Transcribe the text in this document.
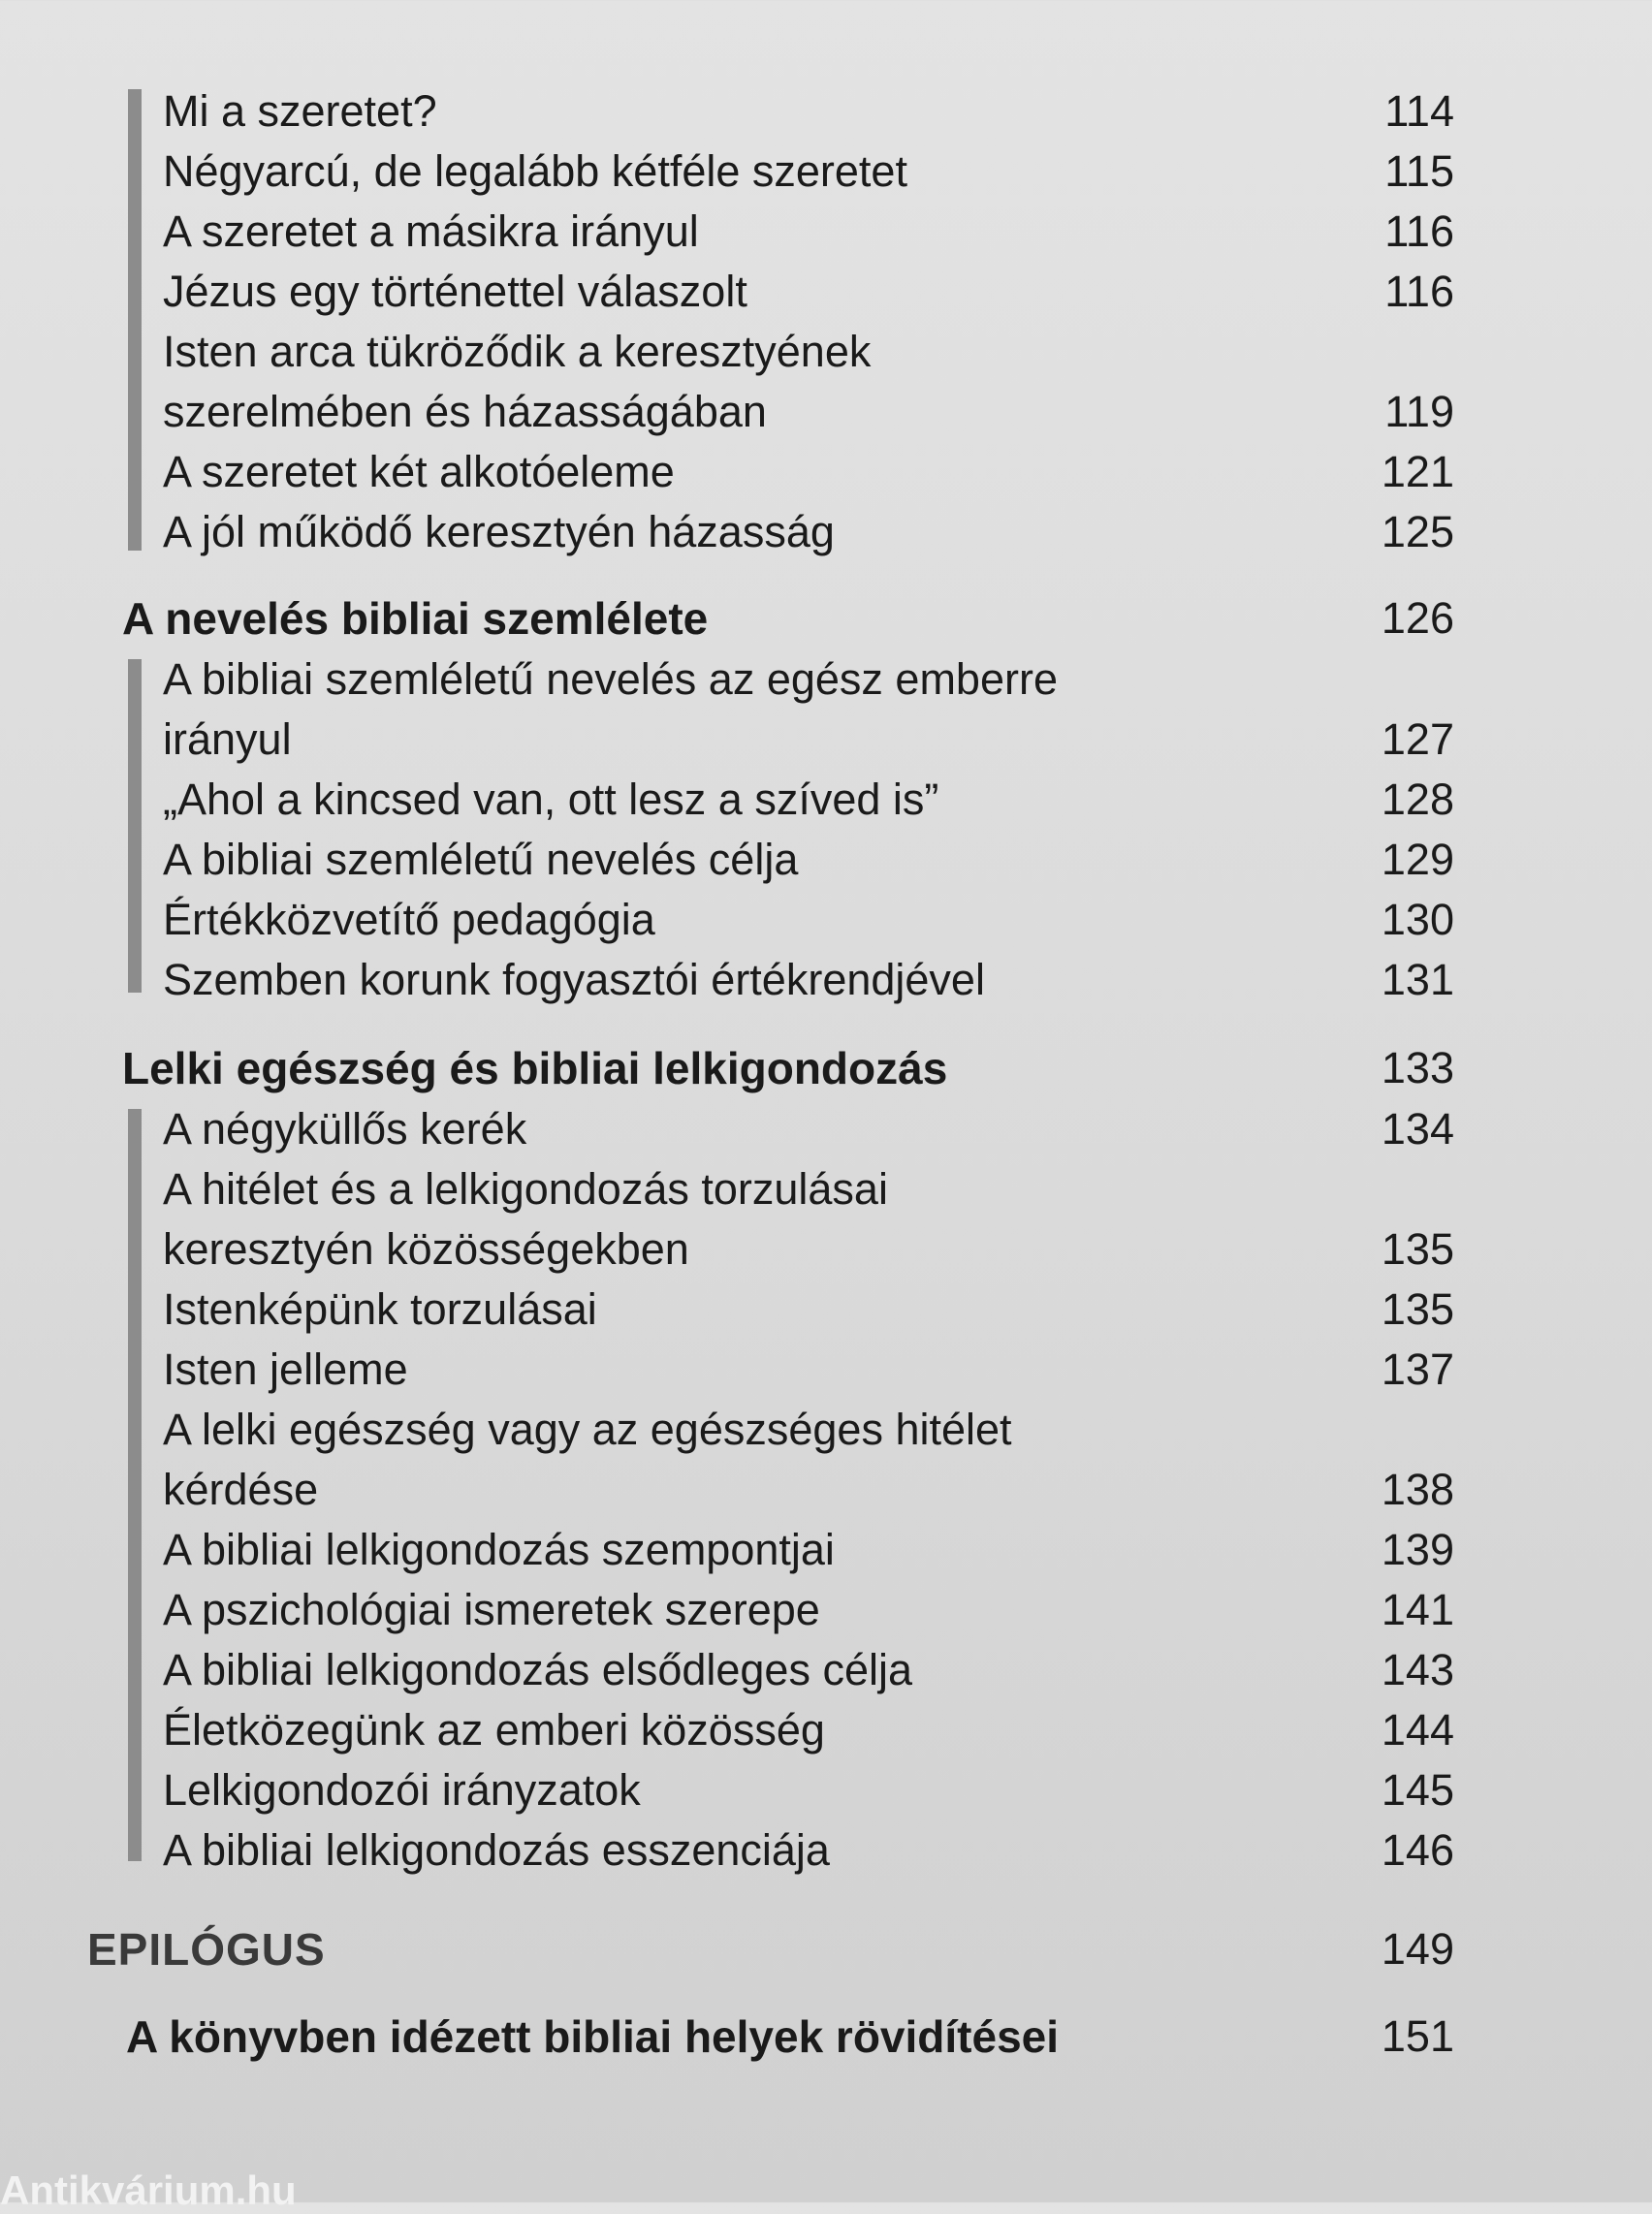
Mi a szeretet?	114
Négyarcú, de legalább kétféle szeretet	115
A szeretet a másikra irányul	116
Jézus egy történettel válaszolt	116
Isten arca tükröződik a keresztyének
szerelmében és házasságában	119
A szeretet két alkotóeleme	121
A jól működő keresztyén házasság	125
A nevelés bibliai szemlélete	126
A bibliai szemléletű nevelés az egész emberre
irányul	127
„Ahol a kincsed van, ott lesz a szíved is”	128
A bibliai szemléletű nevelés célja	129
Értékközvetítő pedagógia	130
Szemben korunk fogyasztói értékrendjével	131
Lelki egészség és bibliai lelkigondozás	133
A négyküllős kerék	134
A hitélet és a lelkigondozás torzulásai
keresztyén közösségekben	135
Istenképünk torzulásai	135
Isten jelleme	137
A lelki egészség vagy az egészséges hitélet
kérdése	138
A bibliai lelkigondozás szempontjai	139
A pszichológiai ismeretek szerepe	141
A bibliai lelkigondozás elsődleges célja	143
Életközegünk az emberi közösség	144
Lelkigondozói irányzatok	145
A bibliai lelkigondozás esszenciája	146
EPILÓGUS	149
A könyvben idézett bibliai helyek rövidítései	151
Antikvárium.hu
